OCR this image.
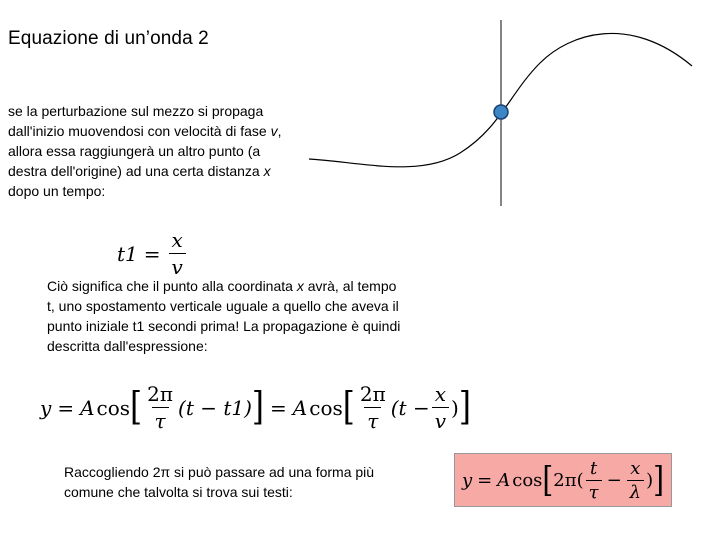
Equazione di un’onda 2
se la perturbazione sul mezzo si propaga dall'inizio muovendosi con velocità di fase v, allora essa raggiungerà un altro punto (a destra dell'origine) ad una certa distanza x dopo un tempo:
$t1 = \frac{x}{v}$
Ciò significa che il punto alla coordinata x avrà, al tempo t, uno spostamento verticale uguale a quello che aveva il punto iniziale t1 secondi prima! La propagazione è quindi descritta dall'espressione:
y = A cos [ $\frac{2\pi}{\tau} (t - t1)$ ] = A cos [ $\frac{2\pi}{\tau} (t - \frac{x}{v}$ ) ]
Raccogliendo 2π si può passare ad una forma più comune che talvolta si trova sui testi:
y = A cos [ $2\pi( \frac{t}{\tau} - \frac{x}{\lambda}$ ) ]
